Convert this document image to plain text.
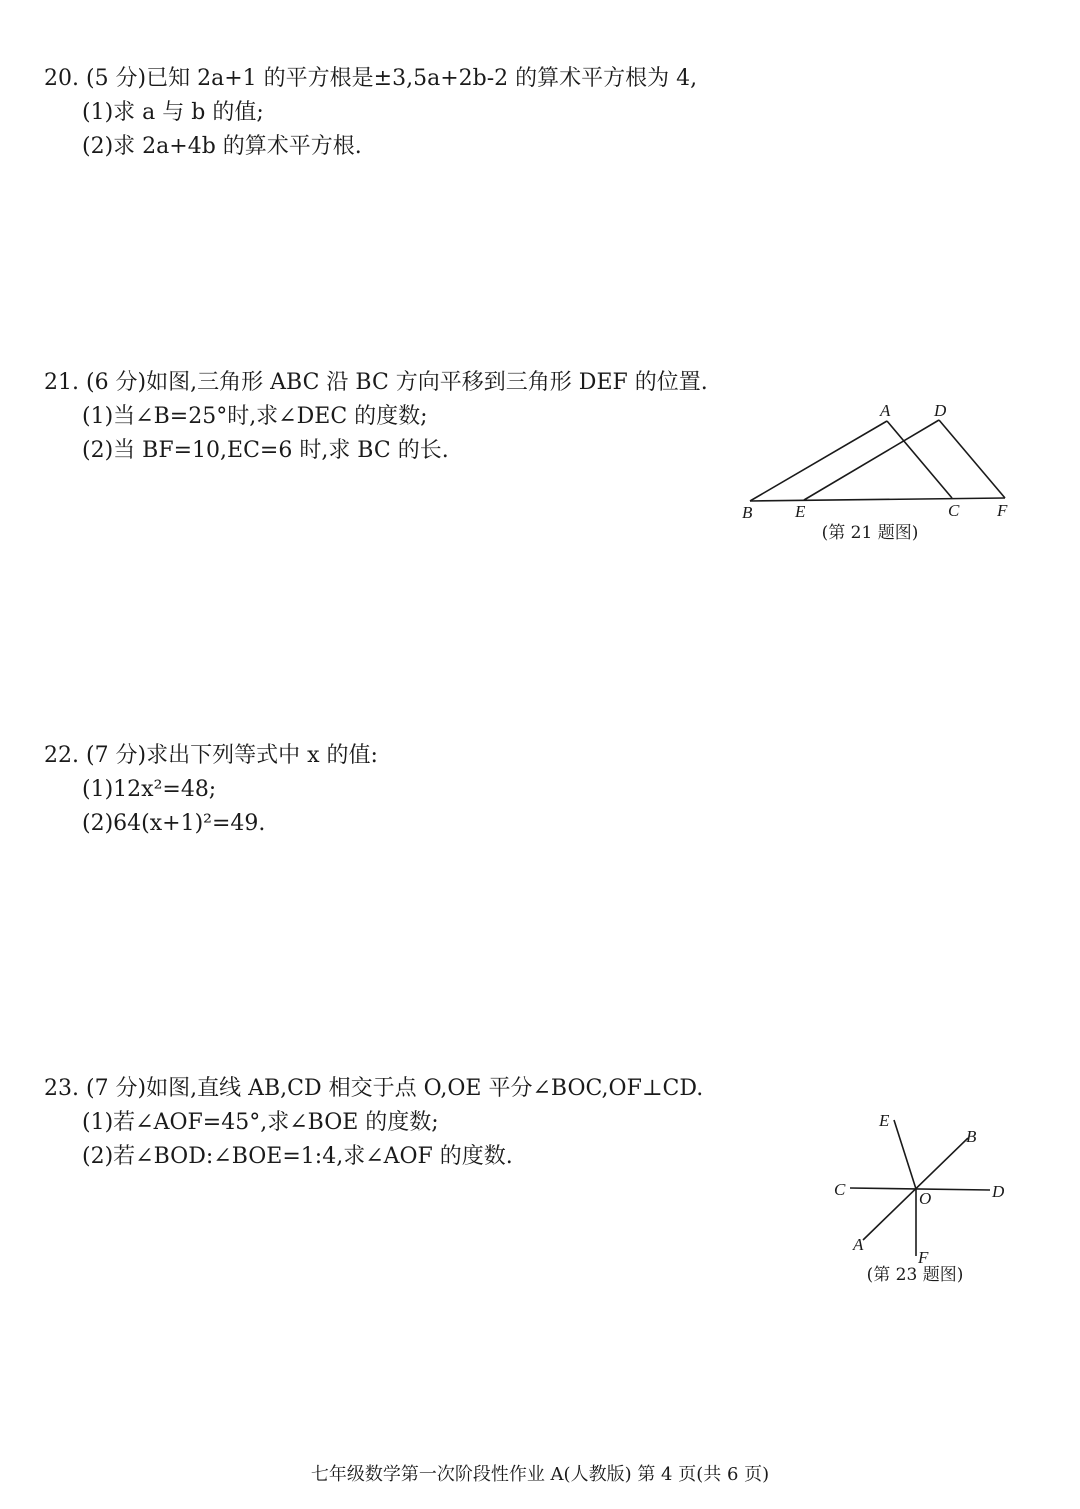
20. (5 分)已知 2a+1 的平方根是±3,5a+2b-2 的算术平方根为 4,
(1)求 a 与 b 的值;
(2)求 2a+4b 的算术平方根.
21. (6 分)如图,三角形 ABC 沿 BC 方向平移到三角形 DEF 的位置.
(1)当∠B=25°时,求∠DEC 的度数;
(2)当 BF=10,EC=6 时,求 BC 的长.
A	D
B	E	C F
(第 21 题图)
22. (7 分)求出下列等式中 x 的值:
(1)12x²=48;
(2)64(x+1)²=49.
23. (7 分)如图,直线 AB,CD 相交于点 O,OE 平分∠BOC,OF⊥CD.
(1)若∠AOF=45°,求∠BOE 的度数;
(2)若∠BOD:∠BOE=1:4,求∠AOF 的度数.
E
B
C	O	D
A
F
(第 23 题图)
七年级数学第一次阶段性作业 A(人教版) 第 4 页(共 6 页)
